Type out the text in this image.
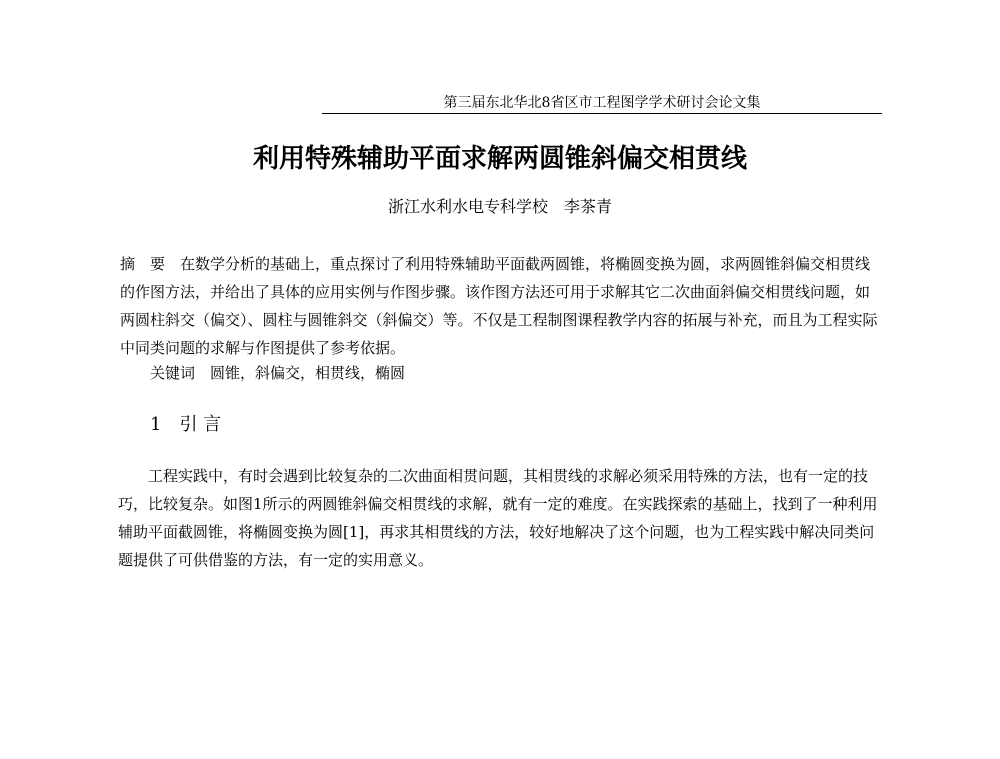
第三届东北华北8省区市工程图学学术研讨会论文集
利用特殊辅助平面求解两圆锥斜偏交相贯线
浙江水利水电专科学校　李茶青
摘　要　在数学分析的基础上，重点探讨了利用特殊辅助平面截两圆锥，将椭圆变换为圆，求两圆锥斜偏交相贯线的作图方法，并给出了具体的应用实例与作图步骤。该作图方法还可用于求解其它二次曲面斜偏交相贯线问题，如两圆柱斜交（偏交）、圆柱与圆锥斜交（斜偏交）等。不仅是工程制图课程教学内容的拓展与补充，而且为工程实际中同类问题的求解与作图提供了参考依据。
关键词　圆锥，斜偏交，相贯线，椭圆
1　引 言
工程实践中，有时会遇到比较复杂的二次曲面相贯问题，其相贯线的求解必须采用特殊的方法，也有一定的技巧，比较复杂。如图1所示的两圆锥斜偏交相贯线的求解，就有一定的难度。在实践探索的基础上，找到了一种利用辅助平面截圆锥，将椭圆变换为圆[1]，再求其相贯线的方法，较好地解决了这个问题，也为工程实践中解决同类问题提供了可供借鉴的方法，有一定的实用意义。
